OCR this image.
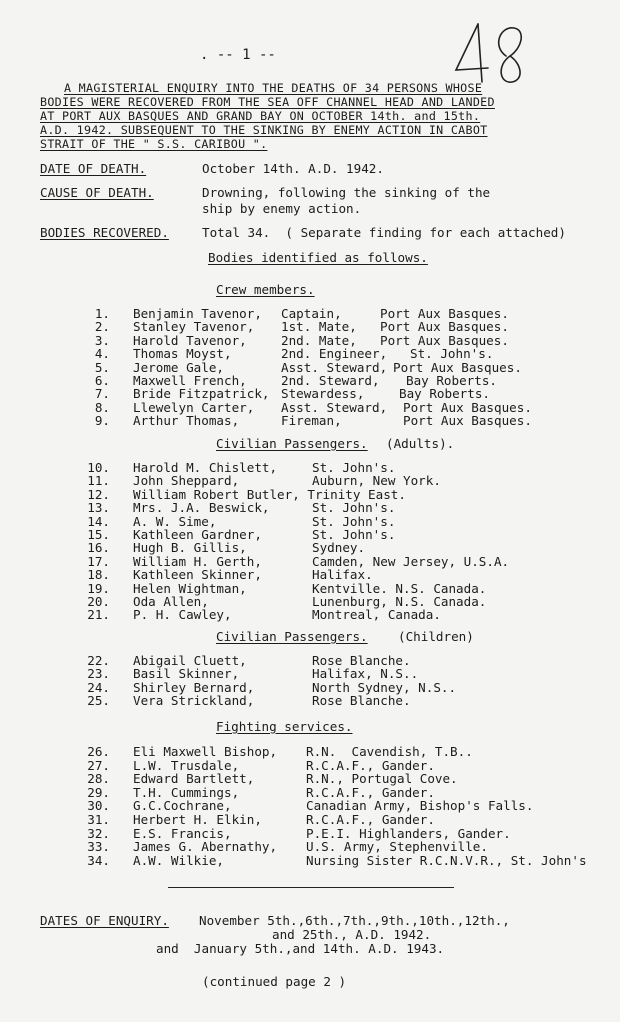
. -- 1 --
A MAGISTERIAL ENQUIRY INTO THE DEATHS OF 34 PERSONS WHOSE
BODIES WERE RECOVERED FROM THE SEA OFF CHANNEL HEAD AND LANDED
AT PORT AUX BASQUES AND GRAND BAY ON OCTOBER 14th. and 15th.
A.D. 1942. SUBSEQUENT TO THE SINKING BY ENEMY ACTION IN CABOT
STRAIT OF THE " S.S. CARIBOU ".
DATE OF DEATH.	October 14th. A.D. 1942.
CAUSE OF DEATH.	Drowning, following the sinking of the
ship by enemy action.
BODIES RECOVERED.	Total 34.  ( Separate finding for each attached)
Bodies identified as follows.
Crew members.
1. Benjamin Tavenor, Captain,	Port Aux Basques.
2. Stanley Tavenor, 1st. Mate, Port Aux Basques.
3. Harold Tavenor,	2nd. Mate, Port Aux Basques.
4. Thomas Moyst,	2nd. Engineer, St. John's.
5. Jerome Gale,	Asst. Steward, Port Aux Basques.
6. Maxwell French,	2nd. Steward, Bay Roberts.
7. Bride Fitzpatrick, Stewardess,	Bay Roberts.
8. Llewelyn Carter, Asst. Steward, Port Aux Basques.
9. Arthur Thomas,	Fireman,	Port Aux Basques.
Civilian Passengers. (Adults).
10. Harold M. Chislett,	St. John's.
11. John Sheppard,	Auburn, New York.
12. William Robert Butler, Trinity East.
13. Mrs. J.A. Beswick,	St. John's.
14. A. W. Sime,	St. John's.
15. Kathleen Gardner,	St. John's.
16. Hugh B. Gillis,	Sydney.
17. William H. Gerth,	Camden, New Jersey, U.S.A.
18. Kathleen Skinner,	Halifax.
19. Helen Wightman,	Kentville. N.S. Canada.
20. Oda Allen,	Lunenburg, N.S. Canada.
21. P. H. Cawley,	Montreal, Canada.
Civilian Passengers. (Children)
22. Abigail Cluett,	Rose Blanche.
23. Basil Skinner,	Halifax, N.S..
24. Shirley Bernard,	North Sydney, N.S..
25. Vera Strickland,	Rose Blanche.
Fighting services.
26. Eli Maxwell Bishop, R.N.  Cavendish, T.B..
27. L.W. Trusdale,	R.C.A.F., Gander.
28. Edward Bartlett,	R.N., Portugal Cove.
29. T.H. Cummings,	R.C.A.F., Gander.
30. G.C.Cochrane,	Canadian Army, Bishop's Falls.
31. Herbert H. Elkin,	R.C.A.F., Gander.
32. E.S. Francis,	P.E.I. Highlanders, Gander.
33. James G. Abernathy, U.S. Army, Stephenville.
34. A.W. Wilkie,	Nursing Sister R.C.N.V.R., St. John's
DATES OF ENQUIRY. November 5th.,6th.,7th.,9th.,10th.,12th.,
and 25th., A.D. 1942.
and  January 5th.,and 14th. A.D. 1943.
(continued page 2 )
